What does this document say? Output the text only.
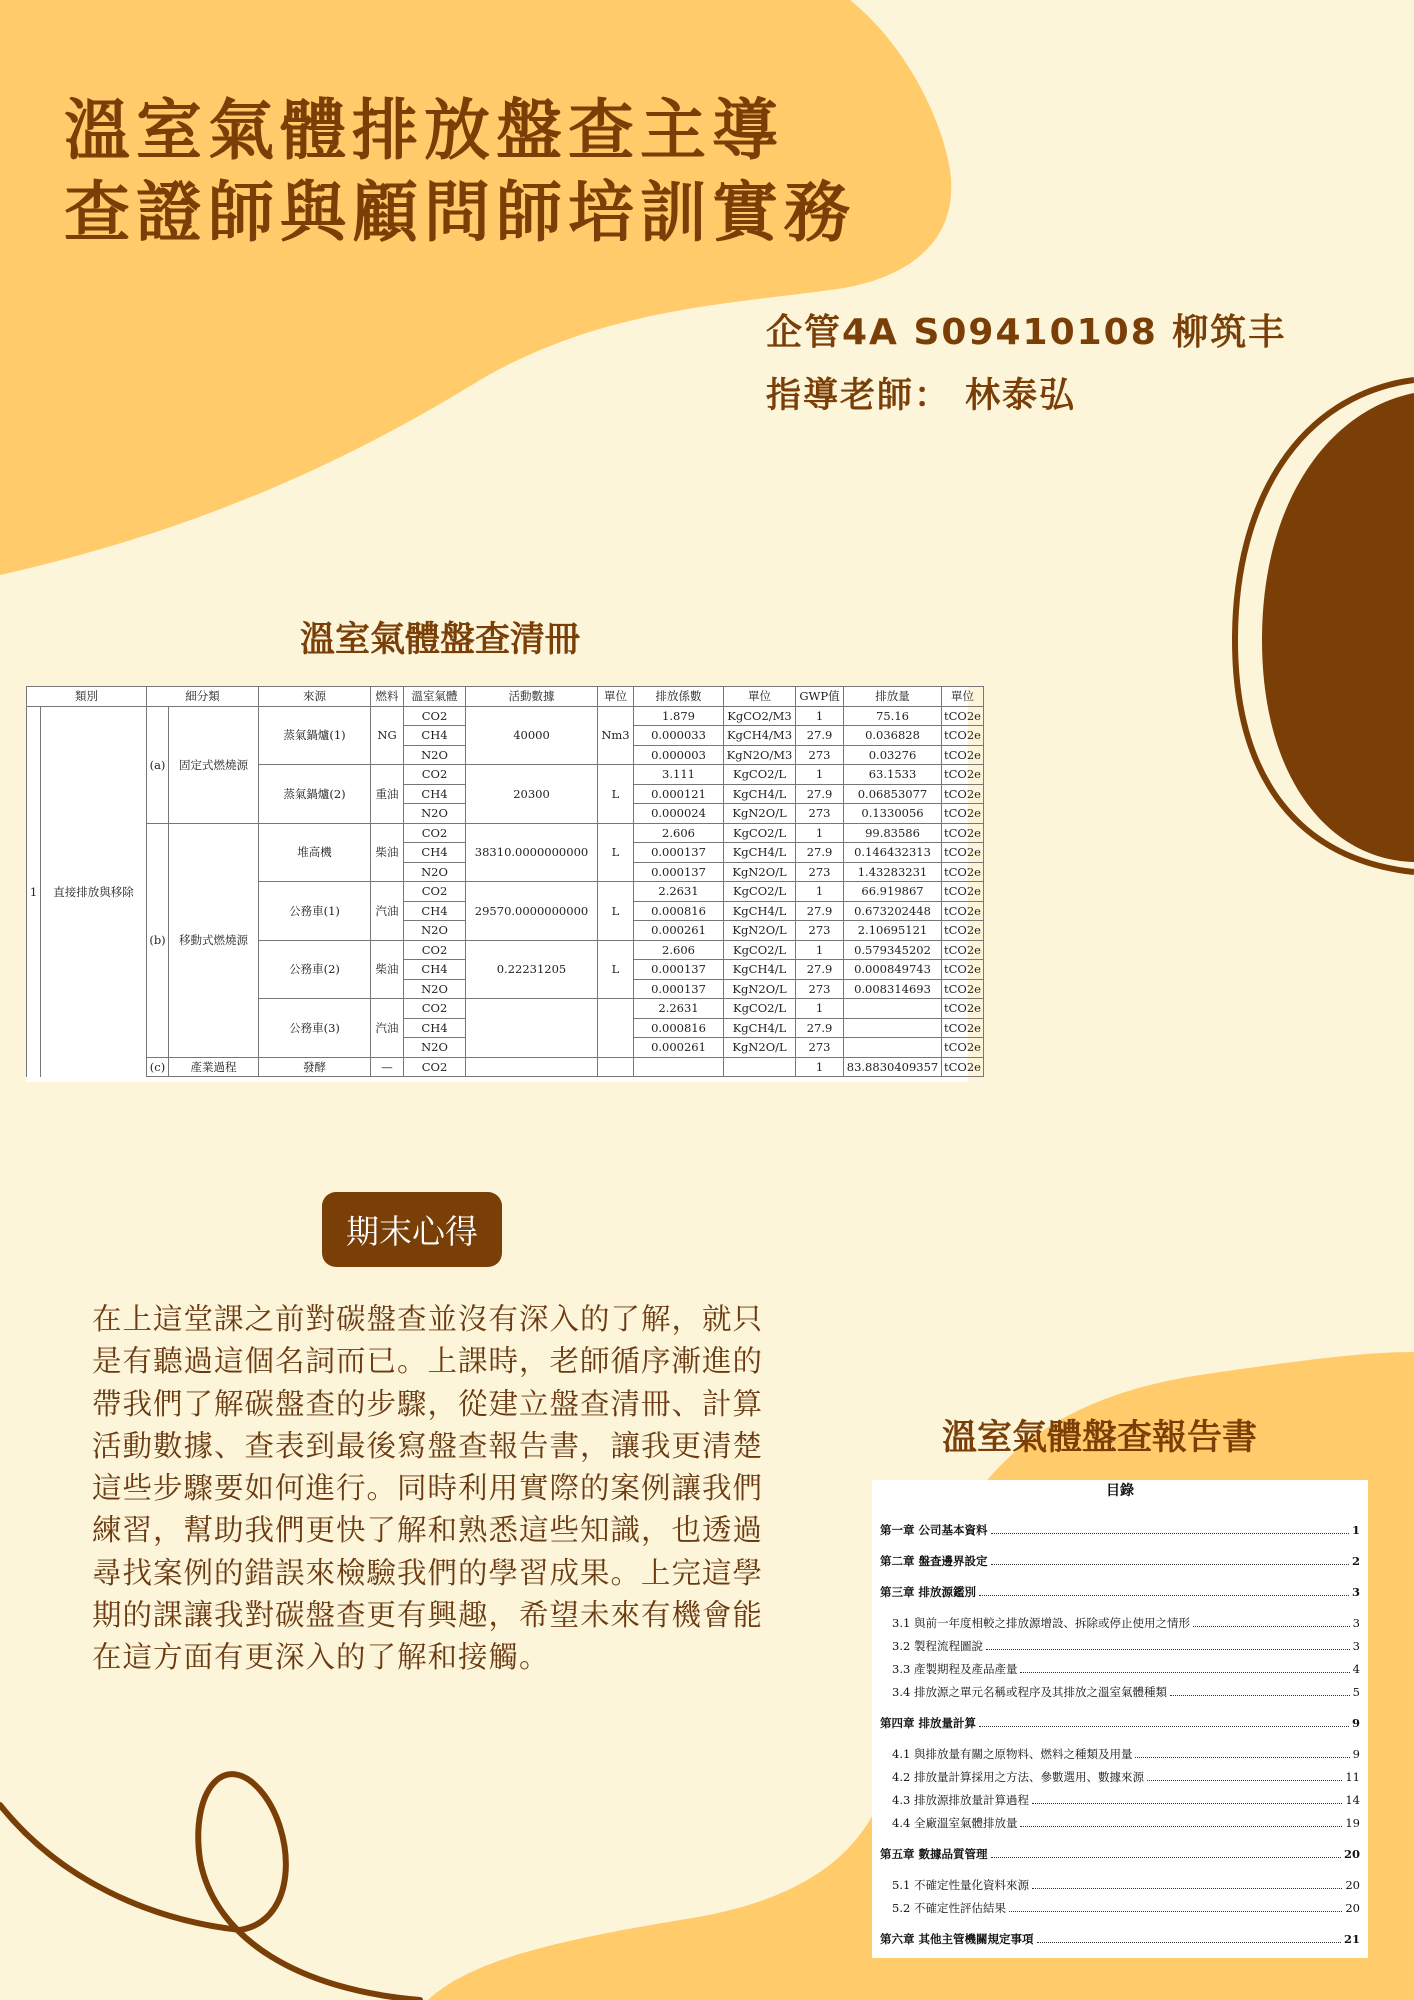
溫室氣體排放盤查主導
查證師與顧問師培訓實務
企管4A S09410108 柳筑丰
指導老師： 林泰弘
溫室氣體盤查清冊
類別		細分類		來源	燃料	溫室氣體	活動數據	單位	排放係數	單位	GWP值	排放量	單位
1	直接排放與移除	(a)	固定式燃燒源	蒸氣鍋爐(1)	NG	CO2	40000	Nm3	1.879	KgCO2/M3	1	75.16	tCO2e
						CH4			0.000033	KgCH4/M3	27.9	0.036828	tCO2e
						N2O			0.000003	KgN2O/M3	273	0.03276	tCO2e
				蒸氣鍋爐(2)	重油	CO2	20300	L	3.111	KgCO2/L	1	63.1533	tCO2e
						CH4			0.000121	KgCH4/L	27.9	0.06853077	tCO2e
						N2O			0.000024	KgN2O/L	273	0.1330056	tCO2e
		(b)	移動式燃燒源	堆高機	柴油	CO2	38310.0000000000	L	2.606	KgCO2/L	1	99.83586	tCO2e
						CH4			0.000137	KgCH4/L	27.9	0.146432313	tCO2e
						N2O			0.000137	KgN2O/L	273	1.43283231	tCO2e
				公務車(1)	汽油	CO2	29570.0000000000	L	2.2631	KgCO2/L	1	66.919867	tCO2e
						CH4			0.000816	KgCH4/L	27.9	0.673202448	tCO2e
						N2O			0.000261	KgN2O/L	273	2.10695121	tCO2e
				公務車(2)	柴油	CO2	0.22231205	L	2.606	KgCO2/L	1	0.579345202	tCO2e
						CH4			0.000137	KgCH4/L	27.9	0.000849743	tCO2e
						N2O			0.000137	KgN2O/L	273	0.008314693	tCO2e
				公務車(3)	汽油	CO2			2.2631	KgCO2/L	1		tCO2e
						CH4			0.000816	KgCH4/L	27.9		tCO2e
						N2O			0.000261	KgN2O/L	273		tCO2e
		(c)	產業過程	發酵	—	CO2					1	83.8830409357	tCO2e
期末心得

在上這堂課之前對碳盤查並沒有深入的了解，就只是有聽過這個名詞而已。上課時，老師循序漸進的帶我們了解碳盤查的步驟，從建立盤查清冊、計算活動數據、查表到最後寫盤查報告書，讓我更清楚這些步驟要如何進行。同時利用實際的案例讓我們練習，幫助我們更快了解和熟悉這些知識，也透過尋找案例的錯誤來檢驗我們的學習成果。上完這學期的課讓我對碳盤查更有興趣，希望未來有機會能在這方面有更深入的了解和接觸。

溫室氣體盤查報告書
目錄
第一章 公司基本資料	1
第二章 盤查邊界設定	2
第三章 排放源鑑別	3
3.1 與前一年度相較之排放源增設、拆除或停止使用之情形	3
3.2 製程流程圖說	3
3.3 產製期程及產品產量	4
3.4 排放源之單元名稱或程序及其排放之溫室氣體種類	5
第四章 排放量計算	9
4.1 與排放量有關之原物料、燃料之種類及用量	9
4.2 排放量計算採用之方法、參數選用、數據來源	11
4.3 排放源排放量計算過程	14
4.4 全廠溫室氣體排放量	19
第五章 數據品質管理	20
5.1 不確定性量化資料來源	20
5.2 不確定性評估結果	20
第六章 其他主管機關規定事項	21
